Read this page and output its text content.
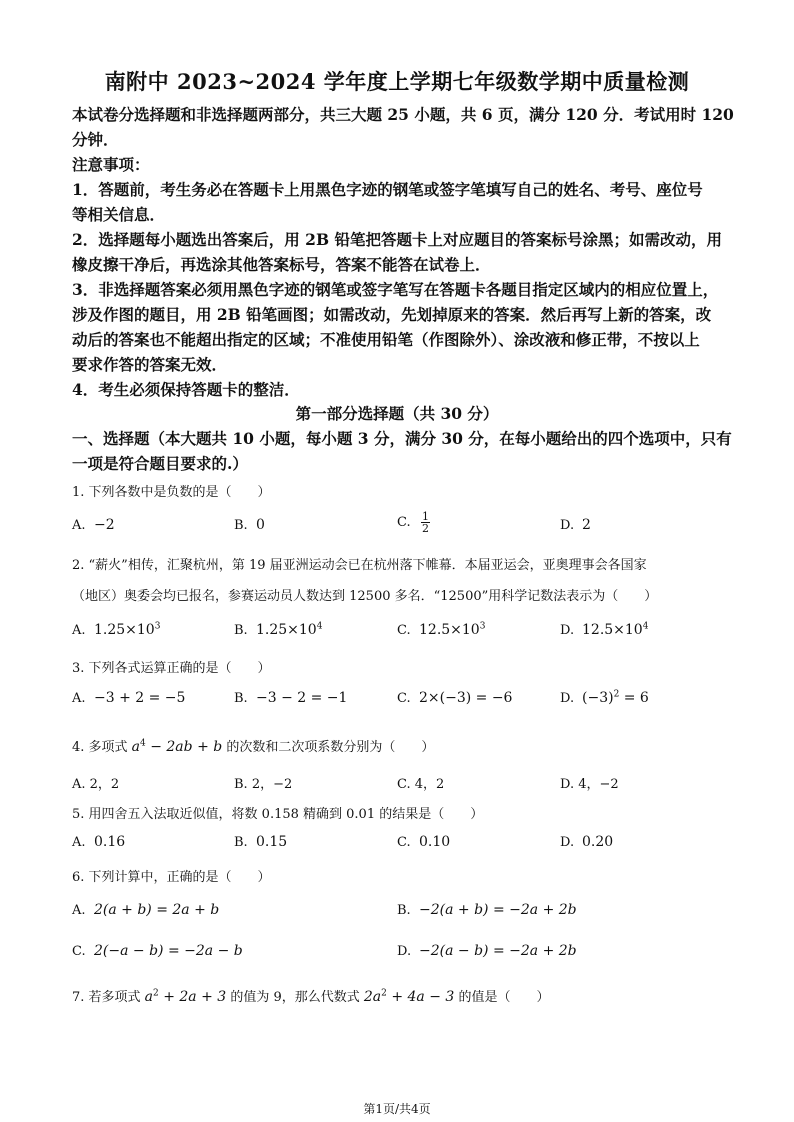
南附中 2023~2024 学年度上学期七年级数学期中质量检测
本试卷分选择题和非选择题两部分，共三大题 25 小题，共 6 页，满分 120 分．考试用时 120
分钟．
注意事项：
1．答题前，考生务必在答题卡上用黑色字迹的钢笔或签字笔填写自己的姓名、考号、座位号
等相关信息．
2．选择题每小题选出答案后，用 2B 铅笔把答题卡上对应题目的答案标号涂黑；如需改动，用
橡皮擦干净后，再选涂其他答案标号，答案不能答在试卷上．
3．非选择题答案必须用黑色字迹的钢笔或签字笔写在答题卡各题目指定区域内的相应位置上，
涉及作图的题目，用 2B 铅笔画图；如需改动，先划掉原来的答案．然后再写上新的答案，改
动后的答案也不能超出指定的区域；不准使用铅笔（作图除外）、涂改液和修正带，不按以上
要求作答的答案无效．
4．考生必须保持答题卡的整洁．
第一部分选择题（共 30 分）
一、选择题（本大题共 10 小题，每小题 3 分，满分 30 分，在每小题给出的四个选项中，只有
一项是符合题目要求的.）
1. 下列各数中是负数的是（　　）
A. −2	B. 0	C. $\frac{1}{2}$	D. 2
2. “薪火”相传，汇聚杭州，第 19 届亚洲运动会已在杭州落下帷幕．本届亚运会，亚奥理事会各国家
（地区）奥委会均已报名，参赛运动员人数达到 12500 多名．“12500”用科学记数法表示为（　　）
A. $1.25\times 10^3$	B. $1.25\times 10^4$	C. $12.5\times 10^3$	D. $12.5\times 10^4$
3. 下列各式运算正确的是（　　）
A. −3 + 2 = −5	B. −3 − 2 = −1	C. 2×(−3) = −6	D. $(-3)^2 = 6$
4. 多项式 $a^4 - 2ab + b$ 的次数和二次项系数分别为（　　）
A. 2，2	B. 2，−2	C. 4，2	D. 4，−2
5. 用四舍五入法取近似值，将数 0.158 精确到 0.01 的结果是（　　）
A. 0.16	B. 0.15	C. 0.10	D. 0.20
6. 下列计算中，正确的是（　　）
A. 2(a + b) = 2a + b	B. −2(a + b) = −2a + 2b
C. 2(−a − b) = −2a − b	D. −2(a − b) = −2a + 2b
7. 若多项式 $a^2 + 2a + 3$ 的值为 9，那么代数式 $2a^2 + 4a - 3$ 的值是（　　）
第1页/共4页
